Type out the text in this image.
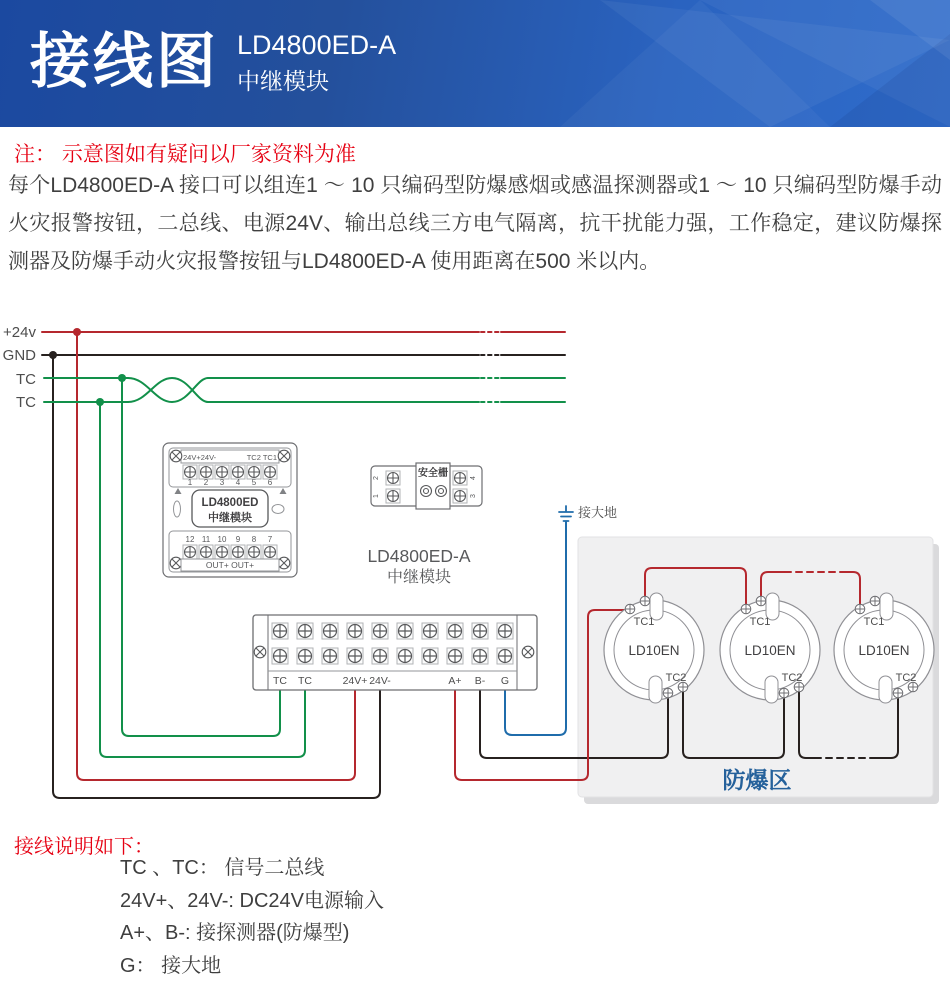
接线图 LD4800ED-A
中继模块
注： 示意图如有疑问以厂家资料为准

每个LD4800ED-A 接口可以组连1 ～ 10 只编码型防爆感烟或感温探测器或1 ～ 10 只编码型防爆手动火灾报警按钮，二总线、电源24V、输出总线三方电气隔离，抗干扰能力强，工作稳定，建议防爆探测器及防爆手动火灾报警按钮与LD4800ED-A 使用距离在500 米以内。

+24v
GND
TC
TC
接大地
24V+24V-	TC2 TC1
1 2 3 4 5 6
12 11 10 9 8 7
LD4800ED
中继模块
OUT+ OUT+
安全栅
2
1
4
3
LD4800ED-A
中继模块
TC TC	24V+ 24V-	A+ B- G
TC1
LD10EN
TC2
TC1
LD10EN
TC2
TC1
LD10EN
TC2
防爆区
接线说明如下：
TC 、TC： 信号二总线
24V+、24V-: DC24V电源输入
A+、B-: 接探测器(防爆型)
G： 接大地
